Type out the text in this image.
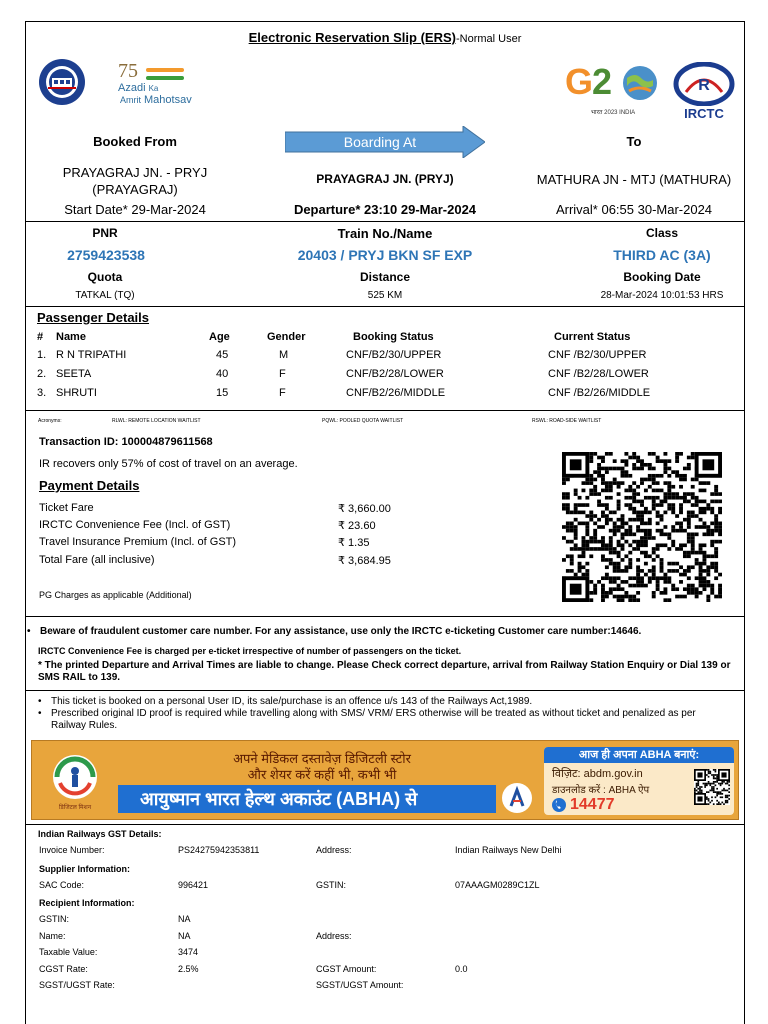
Electronic Reservation Slip (ERS)-Normal User
75
Azadi Ka
Amrit Mahotsav	G2
भारत 2023 INDIA
R
IRCTC
Booked From	Boarding At	To
PRAYAGRAJ JN. - PRYJ
(PRAYAGRAJ)
PRAYAGRAJ JN. (PRYJ)	MATHURA JN - MTJ (MATHURA)
Start Date* 29-Mar-2024	Departure* 23:10 29-Mar-2024	Arrival* 06:55 30-Mar-2024
PNR	Train No./Name	Class
2759423538	20403 / PRYJ BKN SF EXP	THIRD AC (3A)
Quota	Distance	Booking Date
TATKAL (TQ)	525 KM	28-Mar-2024 10:01:53 HRS
Passenger Details
# Name	Age	Gender	Booking Status	Current Status
1. R N TRIPATHI	45	M	CNF/B2/30/UPPER	CNF /B2/30/UPPER
2. SEETA	40	F	CNF/B2/28/LOWER	CNF /B2/28/LOWER
3. SHRUTI	15	F	CNF/B2/26/MIDDLE	CNF /B2/26/MIDDLE
Acronyms:	RLWL: REMOTE LOCATION WAITLIST	PQWL: POOLED QUOTA WAITLIST	RSWL: ROAD-SIDE WAITLIST
Transaction ID: 100004879611568
IR recovers only 57% of cost of travel on an average.
Payment Details
Ticket Fare	₹ 3,660.00
IRCTC Convenience Fee (Incl. of GST)	₹ 23.60
Travel Insurance Premium (Incl. of GST)	₹ 1.35
Total Fare (all inclusive)	₹ 3,684.95
PG Charges as applicable (Additional)
• Beware of fraudulent customer care number. For any assistance, use only the IRCTC e-ticketing Customer care number:14646.
IRCTC Convenience Fee is charged per e-ticket irrespective of number of passengers on the ticket.
* The printed Departure and Arrival Times are liable to change. Please Check correct departure, arrival from Railway Station Enquiry or Dial 139 or SMS RAIL to 139.
• This ticket is booked on a personal User ID, its sale/purchase is an offence u/s 143 of the Railways Act,1989.
• Prescribed original ID proof is required while travelling along with SMS/ VRM/ ERS otherwise will be treated as without ticket and penalized as per Railway Rules.
डिजिटल मिशन
अपने मेडिकल दस्तावेज़ डिजिटली स्टोर
और शेयर करें कहीं भी, कभी भी
आयुष्मान भारत हेल्थ अकाउंट (ABHA) से
आज ही अपना ABHA बनाएं:
विज़िट: abdm.gov.in
डाउनलोड करें : ABHA ऐप
14477
Indian Railways GST Details:
Invoice Number:	PS24275942353811	Address:	Indian Railways New Delhi
Supplier Information:
SAC Code:	996421	GSTIN:	07AAAGM0289C1ZL
Recipient Information:
GSTIN:	NA
Name:	NA	Address:
Taxable Value:	3474
CGST Rate:	2.5%	CGST Amount:	0.0
SGST/UGST Rate:	SGST/UGST Amount:
